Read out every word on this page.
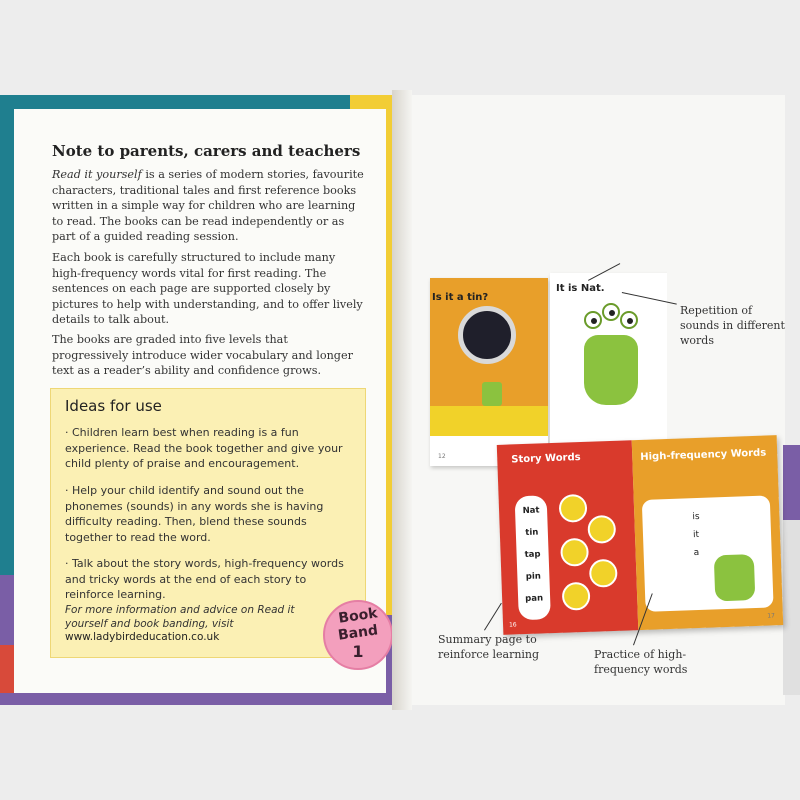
Note to parents, carers and teachers

Read it yourself is a series of modern stories, favourite characters, traditional tales and first reference books written in a simple way for children who are learning to read. The books can be read independently or as part of a guided reading session.

Each book is carefully structured to include many high-frequency words vital for first reading. The sentences on each page are supported closely by pictures to help with understanding, and to offer lively details to talk about.

The books are graded into five levels that progressively introduce wider vocabulary and longer text as a reader’s ability and confidence grows.

Ideas for use
· Children learn best when reading is a fun experience. Read the book together and give your child plenty of praise and encouragement.
· Help your child identify and sound out the phonemes (sounds) in any words she is having difficulty reading. Then, blend these sounds together to read the word.
· Talk about the story words, high-frequency words and tricky words at the end of each story to reinforce learning.
For more information and advice on Read it yourself and book banding, visit
www.ladybirdeducation.co.uk
Book
Band
1
Is it a tin?
12
It is Nat.
Story Words
Nat
tin
tap
pin
pan
16
High-frequency Words
is
it
a
17
Repetition of sounds in different words
Summary page to reinforce learning	Practice of high-frequency words
